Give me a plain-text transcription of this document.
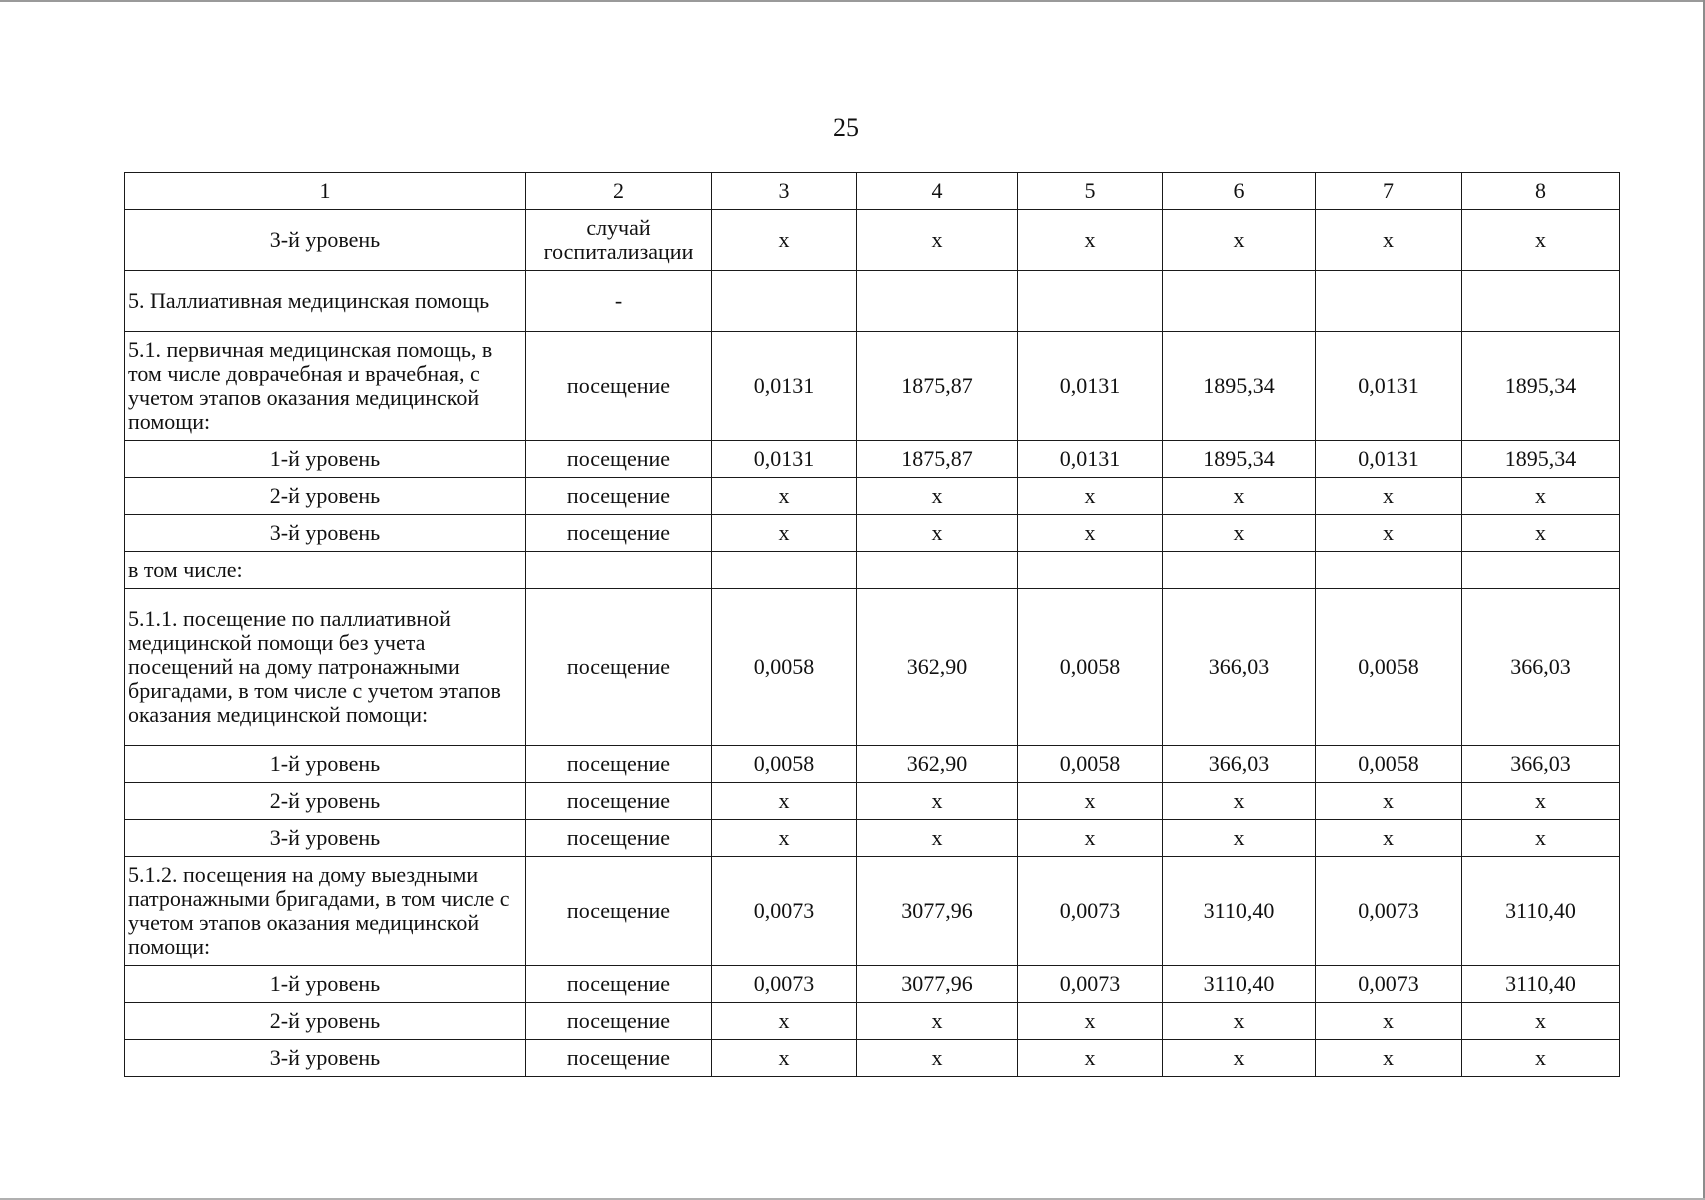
25
1	2	3	4	5	6	7	8
3-й уровень	случай госпитализации	х	х	х	х	х	х
5. Паллиативная медицинская помощь	-						
5.1. первичная медицинская помощь, в том числе доврачебная и врачебная, с учетом этапов оказания медицинской помощи:	посещение	0,0131	1875,87	0,0131	1895,34	0,0131	1895,34
1-й уровень	посещение	0,0131	1875,87	0,0131	1895,34	0,0131	1895,34
2-й уровень	посещение	х	х	х	х	х	х
3-й уровень	посещение	х	х	х	х	х	х
в том числе:							
5.1.1. посещение по паллиативной медицинской помощи без учета посещений на дому патронажными бригадами, в том числе с учетом этапов оказания медицинской помощи:	посещение	0,0058	362,90	0,0058	366,03	0,0058	366,03
1-й уровень	посещение	0,0058	362,90	0,0058	366,03	0,0058	366,03
2-й уровень	посещение	х	х	х	х	х	х
3-й уровень	посещение	х	х	х	х	х	х
5.1.2. посещения на дому выездными патронажными бригадами, в том числе с учетом этапов оказания медицинской помощи:	посещение	0,0073	3077,96	0,0073	3110,40	0,0073	3110,40
1-й уровень	посещение	0,0073	3077,96	0,0073	3110,40	0,0073	3110,40
2-й уровень	посещение	х	х	х	х	х	х
3-й уровень	посещение	х	х	х	х	х	х
